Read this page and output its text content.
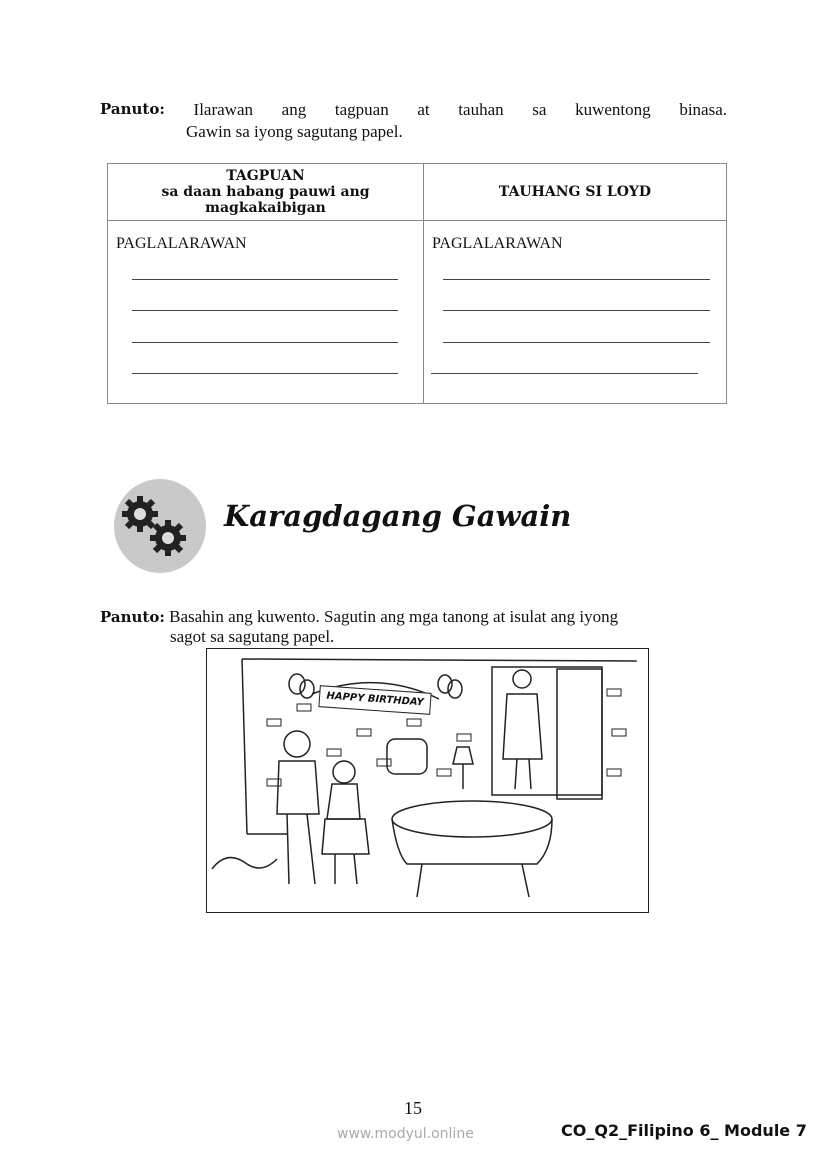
Panuto: Ilarawan ang tagpuan at tauhan sa kuwentong binasa.
Gawin sa iyong sagutang papel.
TAGPUAN
sa daan habang pauwi ang
magkakaibigan	TAUHANG SI LOYD

PAGLALARAWAN	PAGLALARAWAN
Karagdagang Gawain
Panuto: Basahin ang kuwento. Sagutin ang mga tanong at isulat ang iyong
sagot sa sagutang papel.
HAPPY BIRTHDAY
15
www.modyul.online	CO_Q2_Filipino 6_ Module 7
